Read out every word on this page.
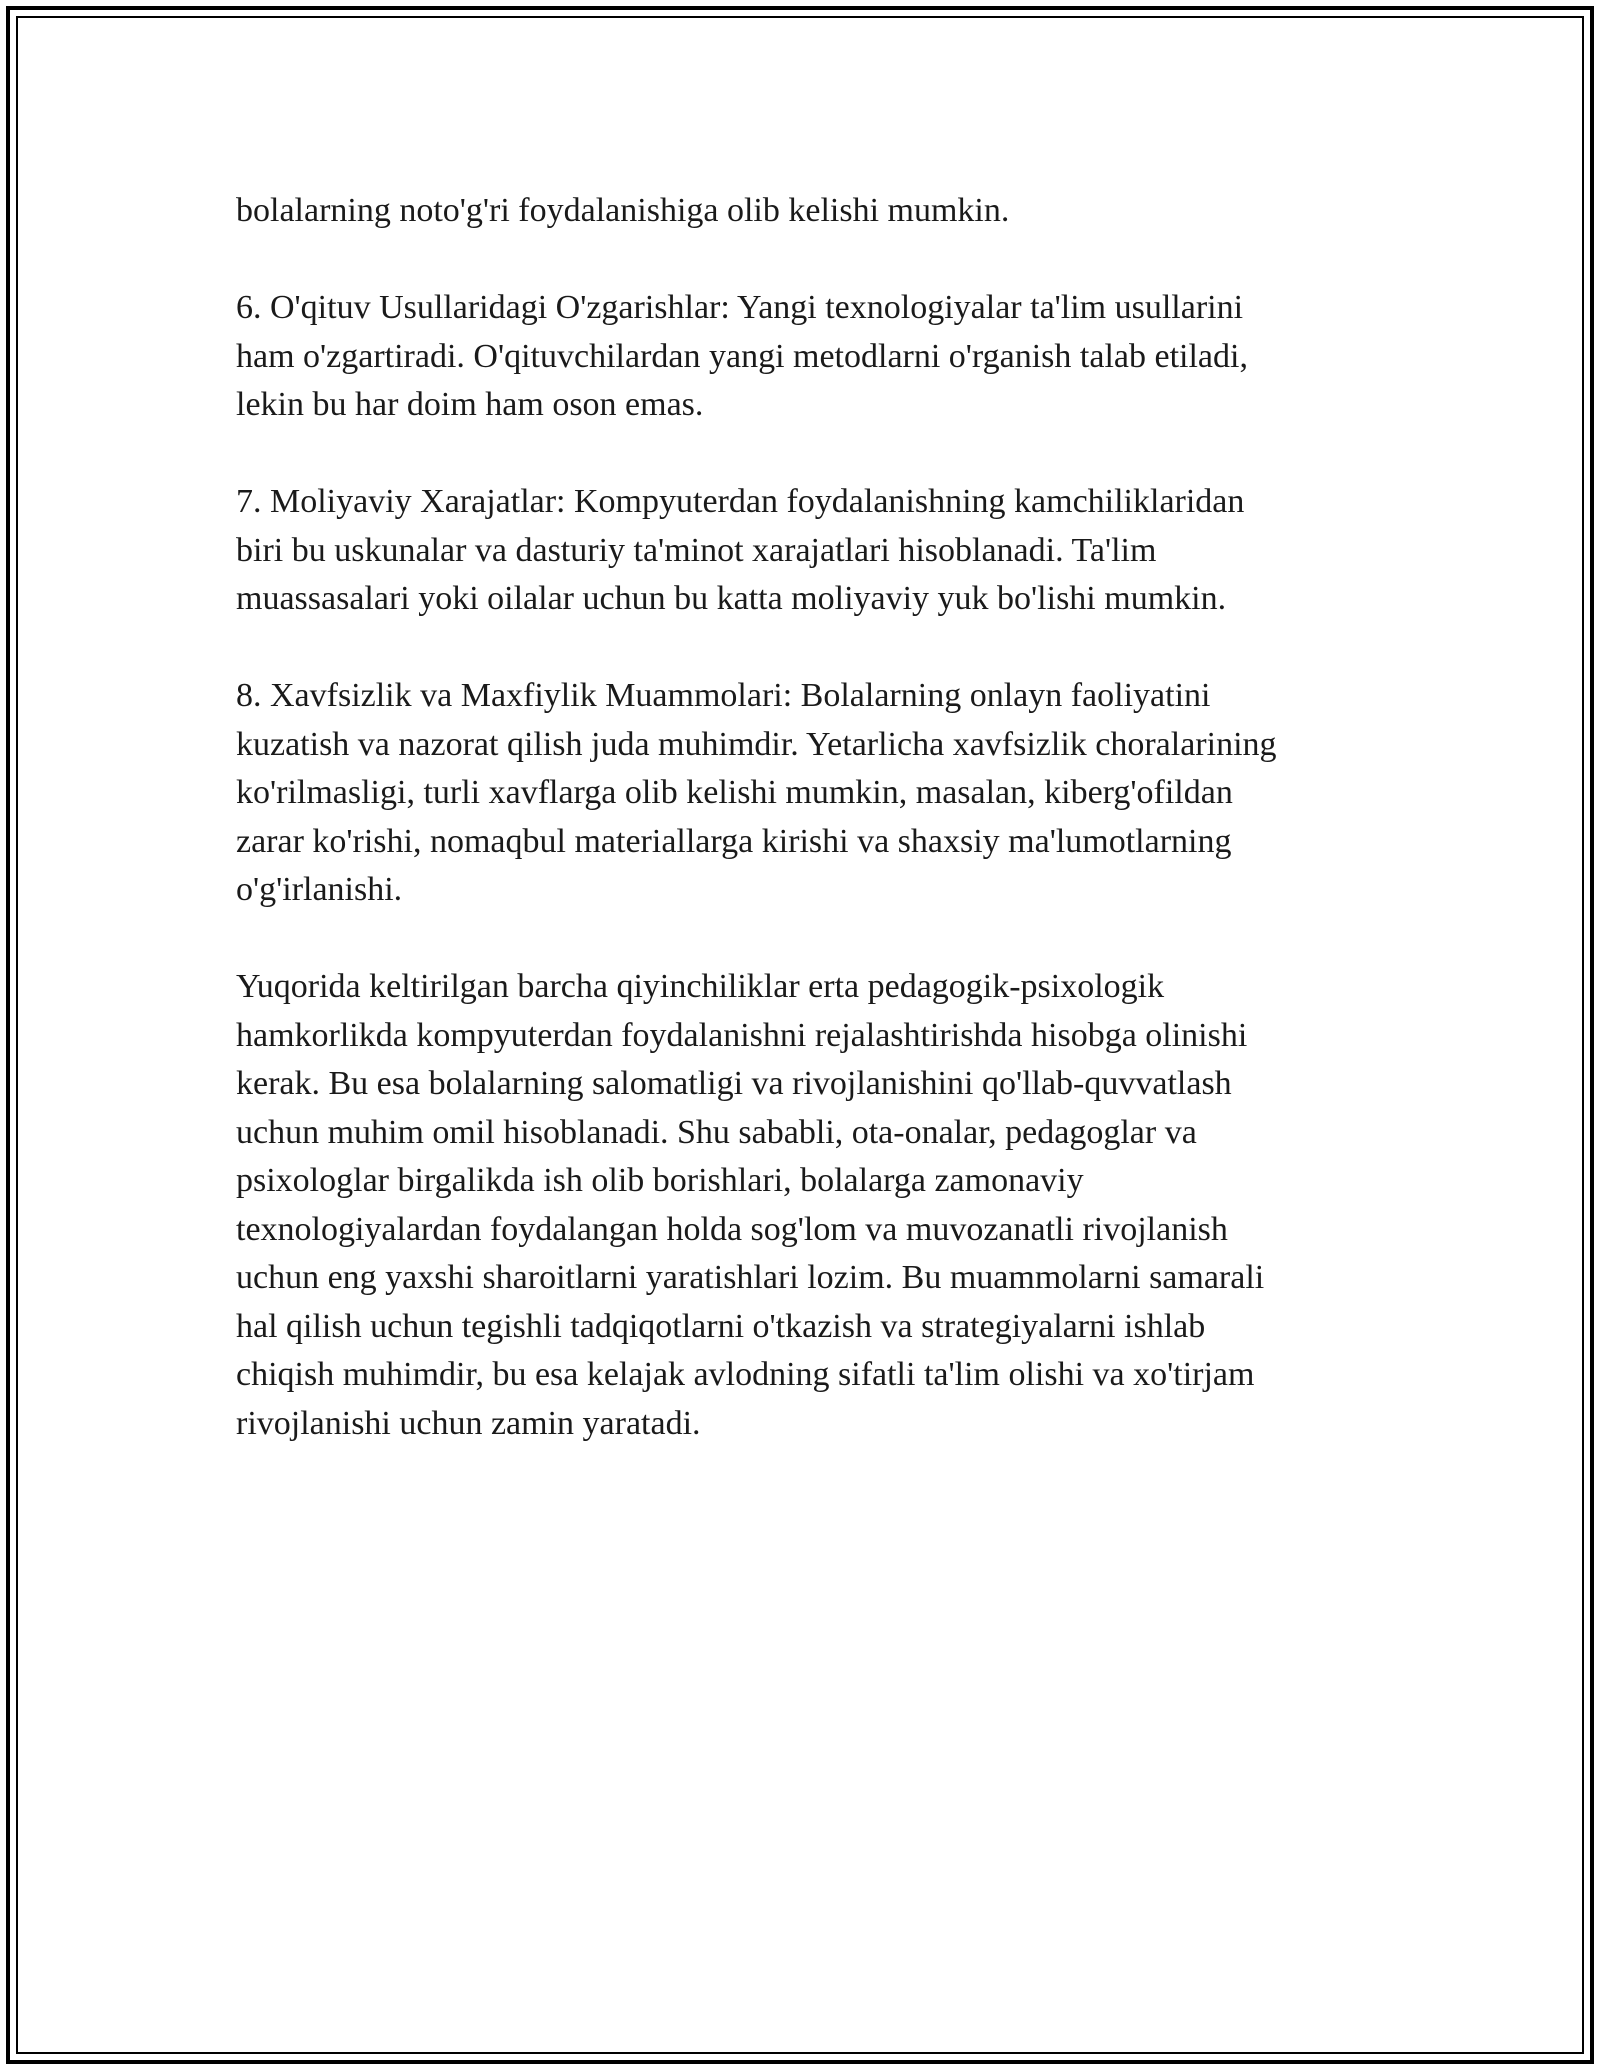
bolalarning noto'g'ri foydalanishiga olib kelishi mumkin.

6. O'qituv Usullaridagi O'zgarishlar: Yangi texnologiyalar ta'lim usullarini
ham o'zgartiradi. O'qituvchilardan yangi metodlarni o'rganish talab etiladi,
lekin bu har doim ham oson emas.

7. Moliyaviy Xarajatlar: Kompyuterdan foydalanishning kamchiliklaridan
biri bu uskunalar va dasturiy ta'minot xarajatlari hisoblanadi. Ta'lim
muassasalari yoki oilalar uchun bu katta moliyaviy yuk bo'lishi mumkin.

8. Xavfsizlik va Maxfiylik Muammolari: Bolalarning onlayn faoliyatini
kuzatish va nazorat qilish juda muhimdir. Yetarlicha xavfsizlik choralarining
ko'rilmasligi, turli xavflarga olib kelishi mumkin, masalan, kiberg'ofildan
zarar ko'rishi, nomaqbul materiallarga kirishi va shaxsiy ma'lumotlarning
o'g'irlanishi.

Yuqorida keltirilgan barcha qiyinchiliklar erta pedagogik-psixologik
hamkorlikda kompyuterdan foydalanishni rejalashtirishda hisobga olinishi
kerak. Bu esa bolalarning salomatligi va rivojlanishini qo'llab-quvvatlash
uchun muhim omil hisoblanadi. Shu sababli, ota-onalar, pedagoglar va
psixologlar birgalikda ish olib borishlari, bolalarga zamonaviy
texnologiyalardan foydalangan holda sog'lom va muvozanatli rivojlanish
uchun eng yaxshi sharoitlarni yaratishlari lozim. Bu muammolarni samarali
hal qilish uchun tegishli tadqiqotlarni o'tkazish va strategiyalarni ishlab
chiqish muhimdir, bu esa kelajak avlodning sifatli ta'lim olishi va xo'tirjam
rivojlanishi uchun zamin yaratadi.
